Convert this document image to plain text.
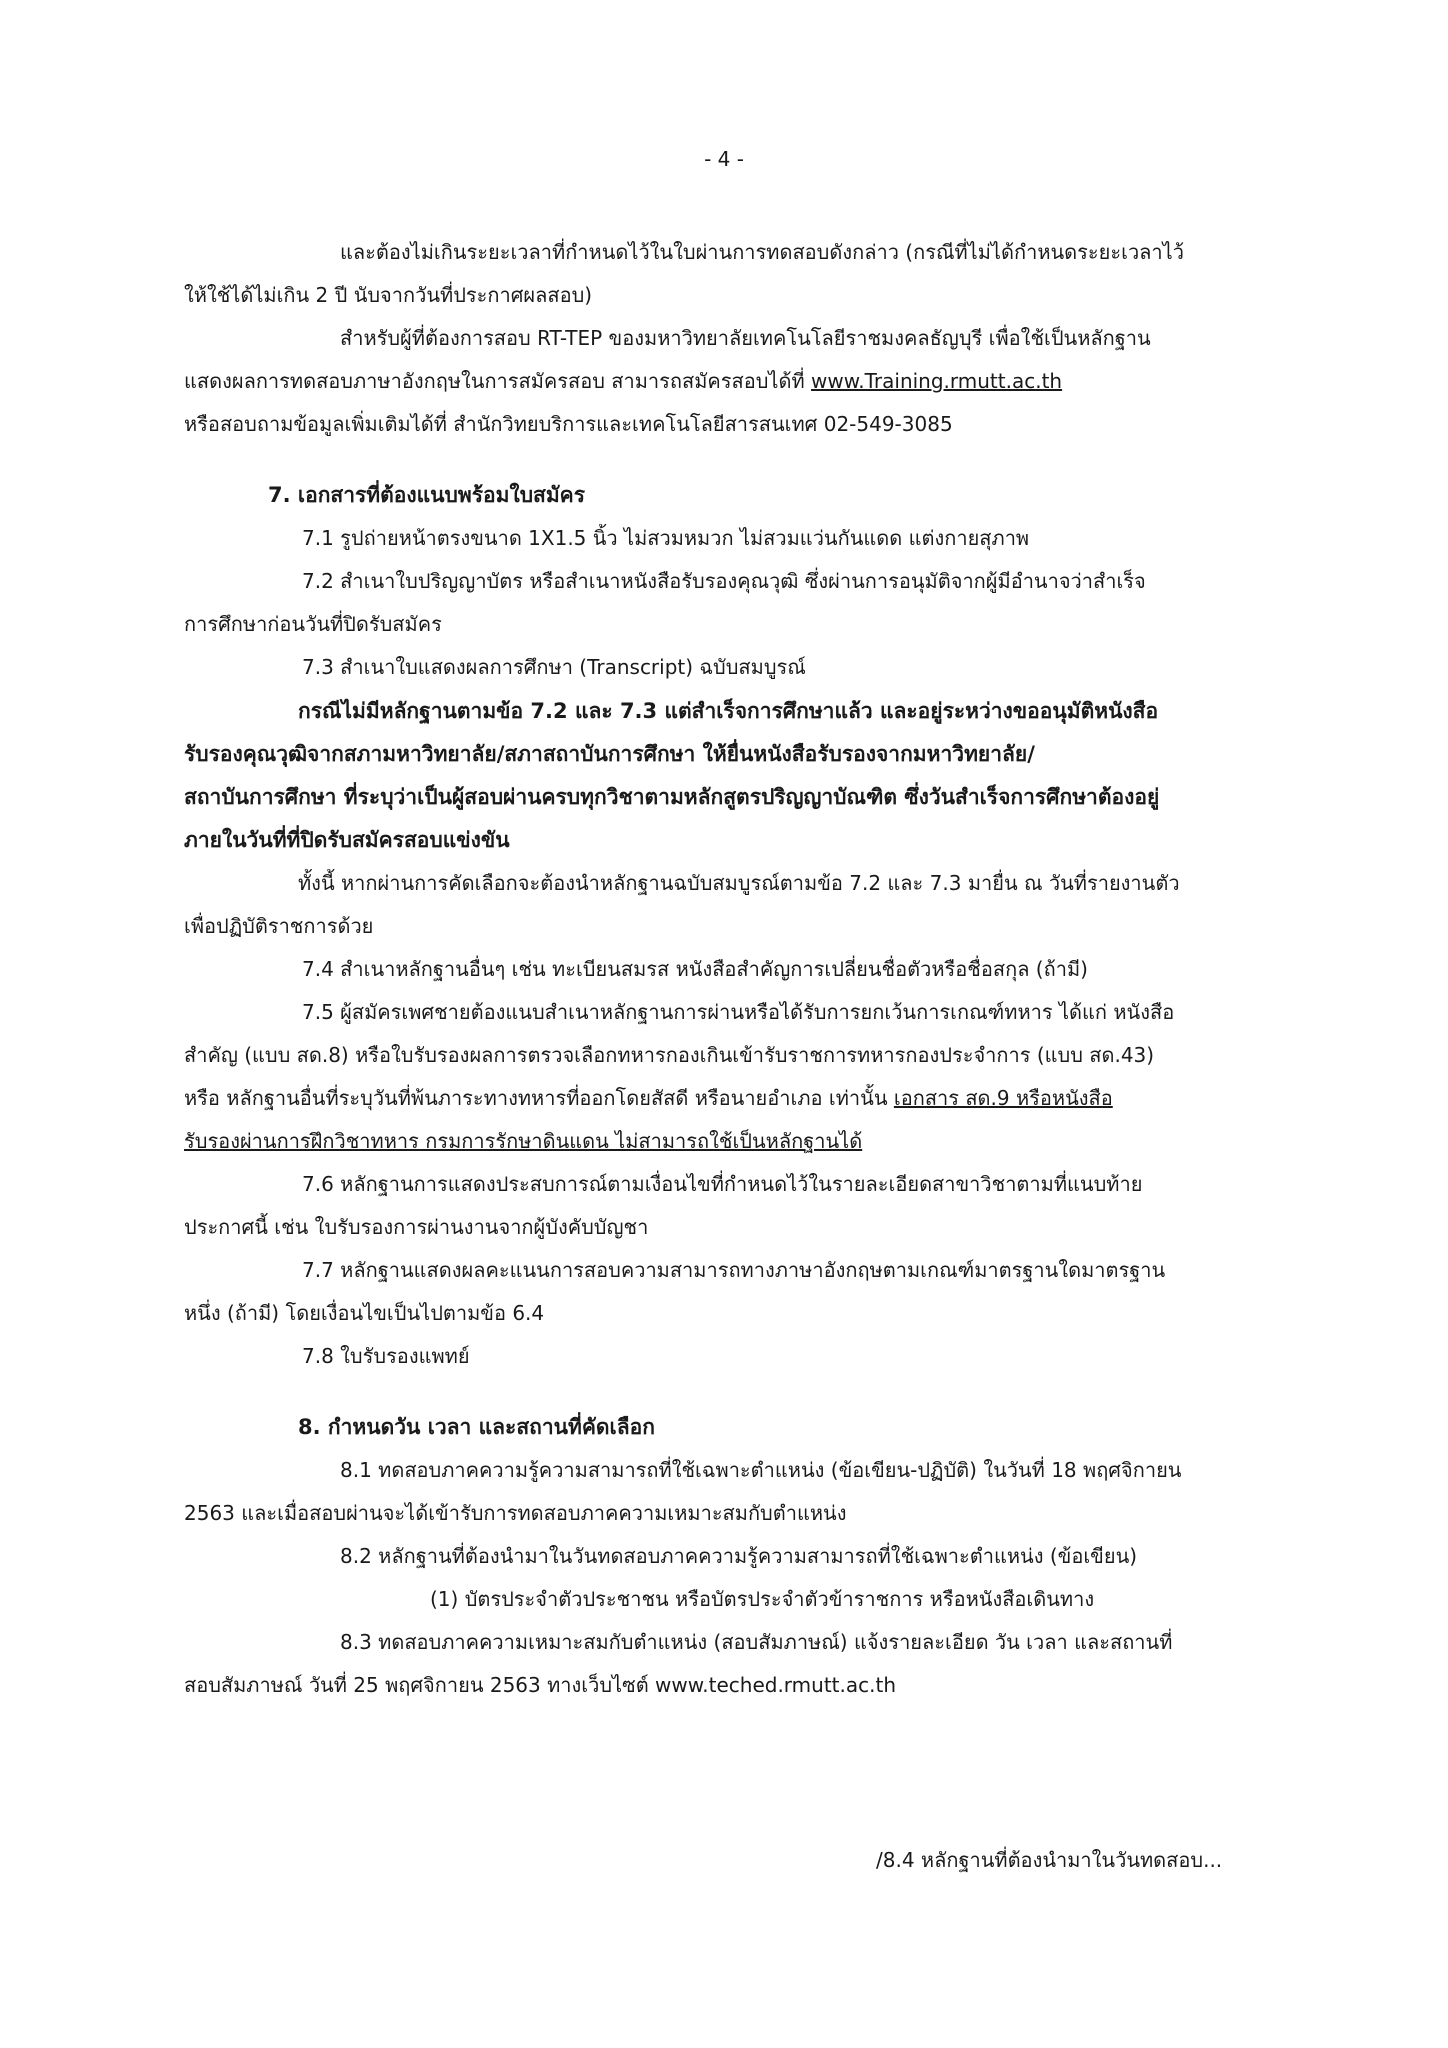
- 4 -
และต้องไม่เกินระยะเวลาที่กำหนดไว้ในใบผ่านการทดสอบดังกล่าว (กรณีที่ไม่ได้กำหนดระยะเวลาไว้
ให้ใช้ได้ไม่เกิน 2 ปี นับจากวันที่ประกาศผลสอบ)
สำหรับผู้ที่ต้องการสอบ RT-TEP ของมหาวิทยาลัยเทคโนโลยีราชมงคลธัญบุรี เพื่อใช้เป็นหลักฐาน
แสดงผลการทดสอบภาษาอังกฤษในการสมัครสอบ สามารถสมัครสอบได้ที่ www.Training.rmutt.ac.th
หรือสอบถามข้อมูลเพิ่มเติมได้ที่ สำนักวิทยบริการและเทคโนโลยีสารสนเทศ 02-549-3085
7. เอกสารที่ต้องแนบพร้อมใบสมัคร
7.1 รูปถ่ายหน้าตรงขนาด 1X1.5 นิ้ว ไม่สวมหมวก ไม่สวมแว่นกันแดด แต่งกายสุภาพ
7.2 สำเนาใบปริญญาบัตร หรือสำเนาหนังสือรับรองคุณวุฒิ ซึ่งผ่านการอนุมัติจากผู้มีอำนาจว่าสำเร็จ
การศึกษาก่อนวันที่ปิดรับสมัคร
7.3 สำเนาใบแสดงผลการศึกษา (Transcript) ฉบับสมบูรณ์
กรณีไม่มีหลักฐานตามข้อ 7.2 และ 7.3 แต่สำเร็จการศึกษาแล้ว และอยู่ระหว่างขออนุมัติหนังสือ
รับรองคุณวุฒิจากสภามหาวิทยาลัย/สภาสถาบันการศึกษา ให้ยื่นหนังสือรับรองจากมหาวิทยาลัย/
สถาบันการศึกษา ที่ระบุว่าเป็นผู้สอบผ่านครบทุกวิชาตามหลักสูตรปริญญาบัณฑิต ซึ่งวันสำเร็จการศึกษาต้องอยู่
ภายในวันที่ที่ปิดรับสมัครสอบแข่งขัน
ทั้งนี้ หากผ่านการคัดเลือกจะต้องนำหลักฐานฉบับสมบูรณ์ตามข้อ 7.2 และ 7.3 มายื่น ณ วันที่รายงานตัว
เพื่อปฏิบัติราชการด้วย
7.4 สำเนาหลักฐานอื่นๆ เช่น ทะเบียนสมรส หนังสือสำคัญการเปลี่ยนชื่อตัวหรือชื่อสกุล (ถ้ามี)
7.5 ผู้สมัครเพศชายต้องแนบสำเนาหลักฐานการผ่านหรือได้รับการยกเว้นการเกณฑ์ทหาร ได้แก่ หนังสือ
สำคัญ (แบบ สด.8) หรือใบรับรองผลการตรวจเลือกทหารกองเกินเข้ารับราชการทหารกองประจำการ (แบบ สด.43)
หรือ หลักฐานอื่นที่ระบุวันที่พ้นภาระทางทหารที่ออกโดยสัสดี หรือนายอำเภอ เท่านั้น เอกสาร สด.9 หรือหนังสือ
รับรองผ่านการฝึกวิชาทหาร กรมการรักษาดินแดน ไม่สามารถใช้เป็นหลักฐานได้
7.6 หลักฐานการแสดงประสบการณ์ตามเงื่อนไขที่กำหนดไว้ในรายละเอียดสาขาวิชาตามที่แนบท้าย
ประกาศนี้ เช่น ใบรับรองการผ่านงานจากผู้บังคับบัญชา
7.7 หลักฐานแสดงผลคะแนนการสอบความสามารถทางภาษาอังกฤษตามเกณฑ์มาตรฐานใดมาตรฐาน
หนึ่ง (ถ้ามี) โดยเงื่อนไขเป็นไปตามข้อ 6.4
7.8 ใบรับรองแพทย์
8. กำหนดวัน เวลา และสถานที่คัดเลือก
8.1 ทดสอบภาคความรู้ความสามารถที่ใช้เฉพาะตำแหน่ง (ข้อเขียน-ปฏิบัติ) ในวันที่ 18 พฤศจิกายน
2563 และเมื่อสอบผ่านจะได้เข้ารับการทดสอบภาคความเหมาะสมกับตำแหน่ง
8.2 หลักฐานที่ต้องนำมาในวันทดสอบภาคความรู้ความสามารถที่ใช้เฉพาะตำแหน่ง (ข้อเขียน)
(1) บัตรประจำตัวประชาชน หรือบัตรประจำตัวข้าราชการ หรือหนังสือเดินทาง
8.3 ทดสอบภาคความเหมาะสมกับตำแหน่ง (สอบสัมภาษณ์) แจ้งรายละเอียด วัน เวลา และสถานที่
สอบสัมภาษณ์ วันที่ 25 พฤศจิกายน 2563 ทางเว็บไซต์ www.teched.rmutt.ac.th
/8.4 หลักฐานที่ต้องนำมาในวันทดสอบ...
